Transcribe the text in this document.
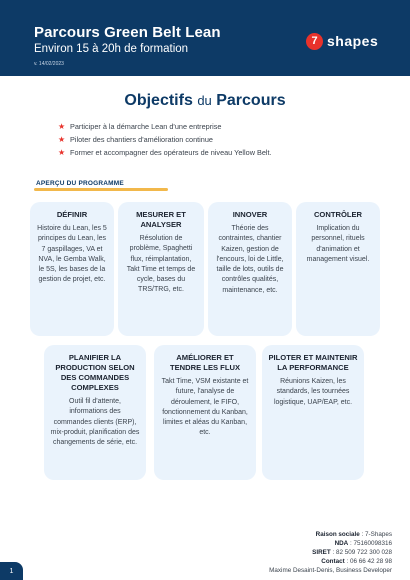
Parcours Green Belt Lean
Environ 15 à 20h de formation
v. 14/02/2023
7 shapes
Objectifs du Parcours
★ Participer à la démarche Lean d'une entreprise
★ Piloter des chantiers d'amélioration continue
★ Former et accompagner des opérateurs de niveau Yellow Belt.
APERÇU DU PROGRAMME
DÉFINIR
Histoire du Lean, les 5 principes du Lean, les 7 gaspillages, VA et NVA, le Gemba Walk, le 5S, les bases de la gestion de projet, etc.
MESURER ET ANALYSER
Résolution de problème, Spaghetti flux, réimplantation, Takt Time et temps de cycle, bases du TRS/TRG, etc.
INNOVER
Théorie des contraintes, chantier Kaizen, gestion de l'encours, loi de Little, taille de lots, outils de contrôles qualités, maintenance, etc.
CONTRÔLER
Implication du personnel, rituels d'animation et management visuel.
PLANIFIER LA PRODUCTION SELON DES COMMANDES COMPLEXES
Outil fil d'attente, informations des commandes clients (ERP), mix-produit, planification des changements de série, etc.
AMÉLIORER ET TENDRE LES FLUX
Takt Time, VSM existante et future, l'analyse de déroulement, le FIFO, fonctionnement du Kanban, limites et aléas du Kanban, etc.
PILOTER ET MAINTENIR LA PERFORMANCE
Réunions Kaizen, les standards, les tournées logistique, UAP/EAP, etc.
Raison sociale : 7-Shapes
NDA : 75160098316
SIRET : 82 509 722 300 028
Contact : 06 66 42 28 98
Maxime Desaint-Denis, Business Developer
1
